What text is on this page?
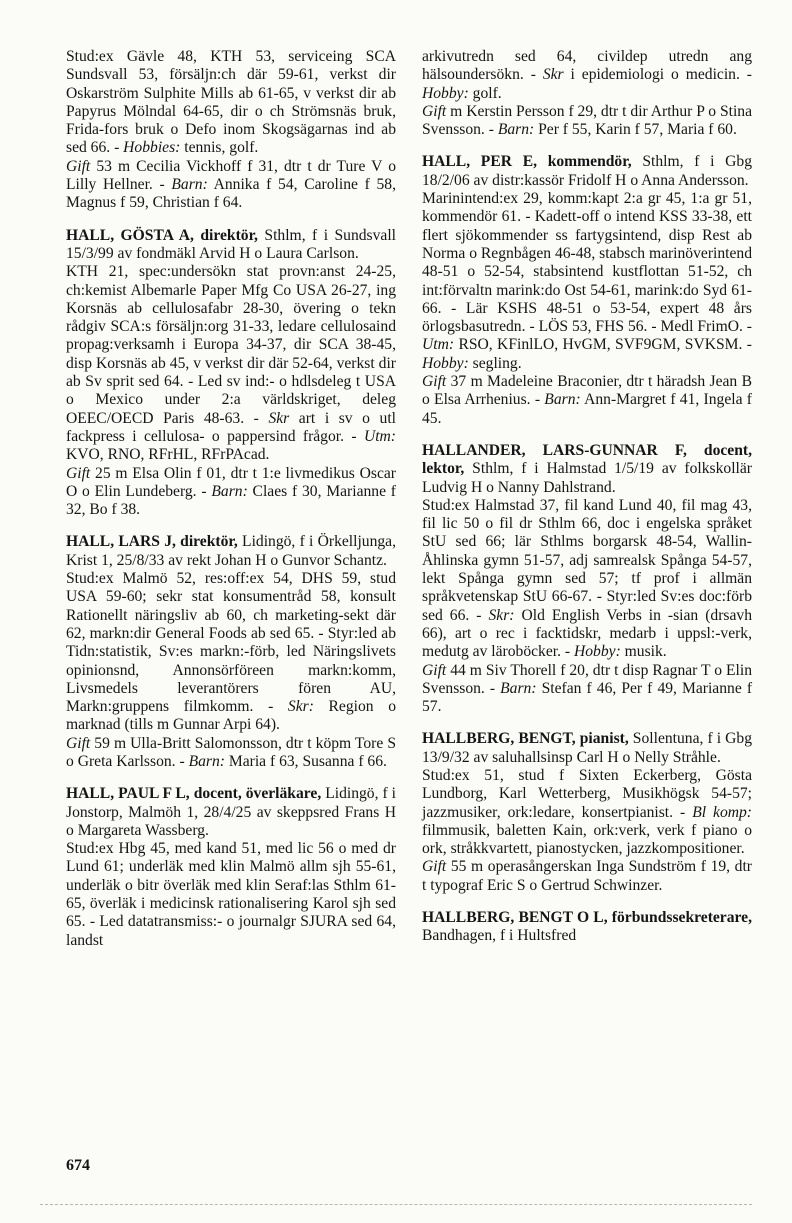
Stud:ex Gävle 48, KTH 53, serviceing SCA Sundsvall 53, försäljn:ch där 59-61, verkst dir Oskarström Sulphite Mills ab 61-65, v verkst dir ab Papyrus Mölndal 64-65, dir o ch Strömsnäs bruk, Frida-fors bruk o Defo inom Skogsägarnas ind ab sed 66. - Hobbies: tennis, golf.

Gift 53 m Cecilia Vickhoff f 31, dtr t dr Ture V o Lilly Hellner. - Barn: Annika f 54, Caroline f 58, Magnus f 59, Christian f 64.

HALL, GÖSTA A, direktör, Sthlm, f i Sundsvall 15/3/99 av fondmäkl Arvid H o Laura Carlson.

KTH 21, spec:undersökn stat provn:anst 24-25, ch:kemist Albemarle Paper Mfg Co USA 26-27, ing Korsnäs ab cellulosafabr 28-30, övering o tekn rådgiv SCA:s försäljn:org 31-33, ledare cellulosaind propag:verksamh i Europa 34-37, dir SCA 38-45, disp Korsnäs ab 45, v verkst dir där 52-64, verkst dir ab Sv sprit sed 64. - Led sv ind:- o hdlsdeleg t USA o Mexico under 2:a världskriget, deleg OEEC/OECD Paris 48-63. - Skr art i sv o utl fackpress i cellulosa- o pappersind frågor. - Utm: KVO, RNO, RFrHL, RFrPAcad.

Gift 25 m Elsa Olin f 01, dtr t 1:e livmedikus Oscar O o Elin Lundeberg. - Barn: Claes f 30, Marianne f 32, Bo f 38.

HALL, LARS J, direktör, Lidingö, f i Örkelljunga, Krist 1, 25/8/33 av rekt Johan H o Gunvor Schantz.

Stud:ex Malmö 52, res:off:ex 54, DHS 59, stud USA 59-60; sekr stat konsumentråd 58, konsult Rationellt näringsliv ab 60, ch marketing-sekt där 62, markn:dir General Foods ab sed 65. - Styr:led ab Tidn:statistik, Sv:es markn:-förb, led Näringslivets opinionsnd, Annonsörföreen markn:komm, Livsmedels leverantörers fören AU, Markn:gruppens filmkomm. - Skr: Region o marknad (tills m Gunnar Arpi 64).

Gift 59 m Ulla-Britt Salomonsson, dtr t köpm Tore S o Greta Karlsson. - Barn: Maria f 63, Susanna f 66.

HALL, PAUL F L, docent, överläkare, Lidingö, f i Jonstorp, Malmöh 1, 28/4/25 av skeppsred Frans H o Margareta Wassberg.

Stud:ex Hbg 45, med kand 51, med lic 56 o med dr Lund 61; underläk med klin Malmö allm sjh 55-61, underläk o bitr överläk med klin Seraf:las Sthlm 61-65, överläk i medicinsk rationalisering Karol sjh sed 65. - Led datatransmiss:- o journalgr SJURA sed 64, landst

arkivutredn sed 64, civildep utredn ang hälsoundersökn. - Skr i epidemiologi o medicin. - Hobby: golf.

Gift m Kerstin Persson f 29, dtr t dir Arthur P o Stina Svensson. - Barn: Per f 55, Karin f 57, Maria f 60.

HALL, PER E, kommendör, Sthlm, f i Gbg 18/2/06 av distr:kassör Fridolf H o Anna Andersson.

Marinintend:ex 29, komm:kapt 2:a gr 45, 1:a gr 51, kommendör 61. - Kadett-off o intend KSS 33-38, ett flert sjökommender ss fartygsintend, disp Rest ab Norma o Regnbågen 46-48, stabsch marinöverintend 48-51 o 52-54, stabsintend kustflottan 51-52, ch int:förvaltn marink:do Ost 54-61, marink:do Syd 61-66. - Lär KSHS 48-51 o 53-54, expert 48 års örlogsbasutredn. - LÖS 53, FHS 56. - Medl FrimO. - Utm: RSO, KFinlLO, HvGM, SVF9GM, SVKSM. - Hobby: segling.

Gift 37 m Madeleine Braconier, dtr t häradsh Jean B o Elsa Arrhenius. - Barn: Ann-Margret f 41, Ingela f 45.

HALLANDER, LARS-GUNNAR F, docent, lektor, Sthlm, f i Halmstad 1/5/19 av folkskollär Ludvig H o Nanny Dahlstrand.

Stud:ex Halmstad 37, fil kand Lund 40, fil mag 43, fil lic 50 o fil dr Sthlm 66, doc i engelska språket StU sed 66; lär Sthlms borgarsk 48-54, Wallin-Åhlinska gymn 51-57, adj samrealsk Spånga 54-57, lekt Spånga gymn sed 57; tf prof i allmän språkvetenskap StU 66-67. - Styr:led Sv:es doc:förb sed 66. - Skr: Old English Verbs in -sian (drsavh 66), art o rec i facktidskr, medarb i uppsl:-verk, medutg av läroböcker. - Hobby: musik.

Gift 44 m Siv Thorell f 20, dtr t disp Ragnar T o Elin Svensson. - Barn: Stefan f 46, Per f 49, Marianne f 57.

HALLBERG, BENGT, pianist, Sollentuna, f i Gbg 13/9/32 av saluhallsinsp Carl H o Nelly Stråhle.

Stud:ex 51, stud f Sixten Eckerberg, Gösta Lundborg, Karl Wetterberg, Musikhögsk 54-57; jazzmusiker, ork:ledare, konsertpianist. - Bl komp: filmmusik, baletten Kain, ork:verk, verk f piano o ork, stråkkvartett, pianostycken, jazzkompositioner.

Gift 55 m operasångerskan Inga Sundström f 19, dtr t typograf Eric S o Gertrud Schwinzer.

HALLBERG, BENGT O L, förbundssekreterare, Bandhagen, f i Hultsfred

674
